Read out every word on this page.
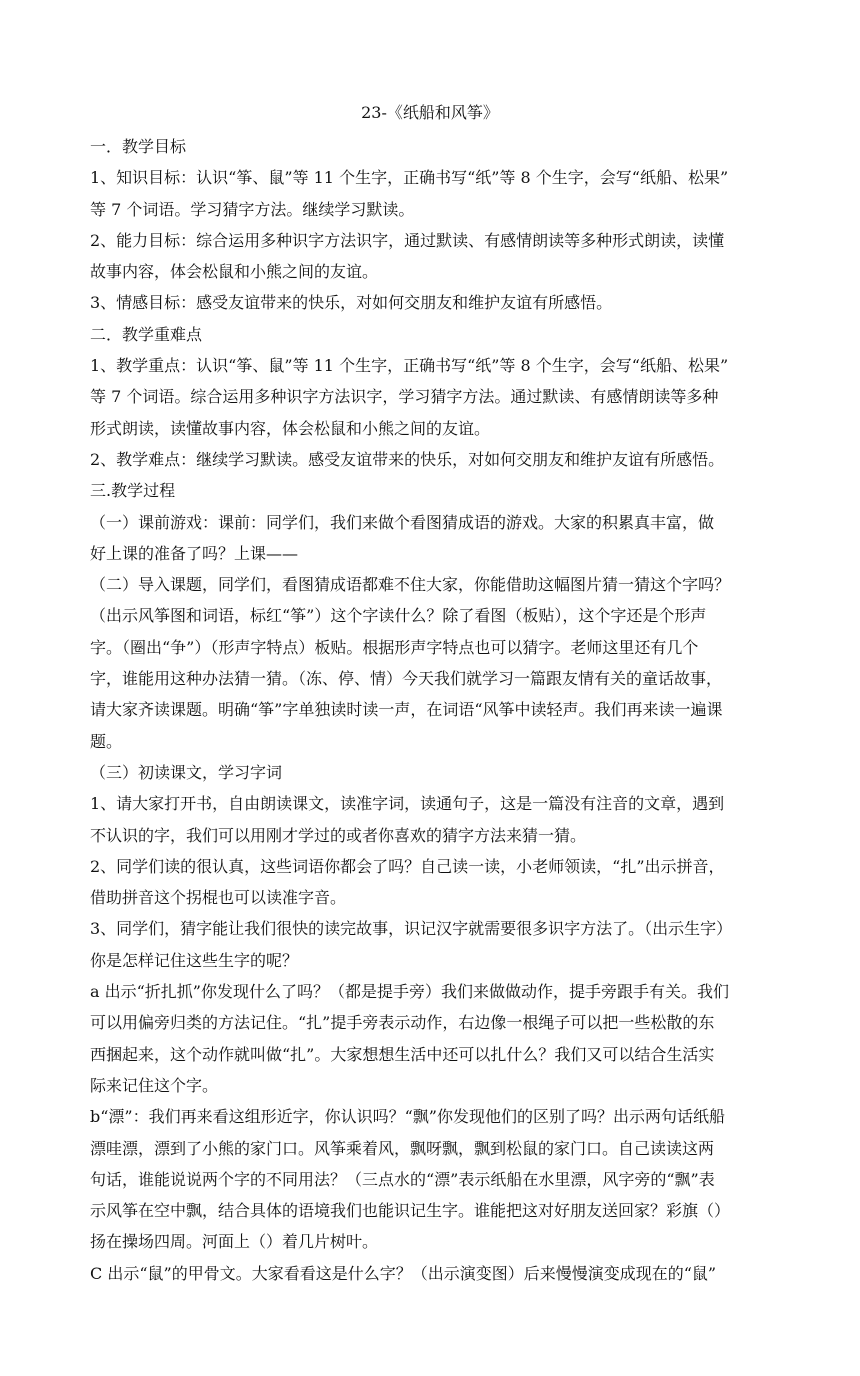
23-《纸船和风筝》

一．教学目标

1、知识目标：认识“筝、鼠”等 11 个生字，正确书写“纸”等 8 个生字，会写“纸船、松果”

等 7 个词语。学习猜字方法。继续学习默读。

2、能力目标：综合运用多种识字方法识字，通过默读、有感情朗读等多种形式朗读，读懂

故事内容，体会松鼠和小熊之间的友谊。

3、情感目标：感受友谊带来的快乐，对如何交朋友和维护友谊有所感悟。

二．教学重难点

1、教学重点：认识“筝、鼠”等 11 个生字，正确书写“纸”等 8 个生字，会写“纸船、松果”

等 7 个词语。综合运用多种识字方法识字，学习猜字方法。通过默读、有感情朗读等多种

形式朗读，读懂故事内容，体会松鼠和小熊之间的友谊。

2、教学难点：继续学习默读。感受友谊带来的快乐，对如何交朋友和维护友谊有所感悟。

三.教学过程

（一）课前游戏：课前：同学们，我们来做个看图猜成语的游戏。大家的积累真丰富，做

好上课的准备了吗？上课——

（二）导入课题，同学们，看图猜成语都难不住大家，你能借助这幅图片猜一猜这个字吗？

（出示风筝图和词语，标红“筝”）这个字读什么？除了看图（板贴），这个字还是个形声

字。（圈出“争”）（形声字特点）板贴。根据形声字特点也可以猜字。老师这里还有几个

字，谁能用这种办法猜一猜。（冻、停、情）今天我们就学习一篇跟友情有关的童话故事，

请大家齐读课题。明确“筝”字单独读时读一声，在词语“风筝中读轻声。我们再来读一遍课

题。

（三）初读课文，学习字词

1、请大家打开书，自由朗读课文，读准字词，读通句子，这是一篇没有注音的文章，遇到

不认识的字，我们可以用刚才学过的或者你喜欢的猜字方法来猜一猜。

2、同学们读的很认真，这些词语你都会了吗？自己读一读，小老师领读，“扎”出示拼音，

借助拼音这个拐棍也可以读准字音。

3、同学们，猜字能让我们很快的读完故事，识记汉字就需要很多识字方法了。（出示生字）

你是怎样记住这些生字的呢？

a 出示“折扎抓”你发现什么了吗？（都是提手旁）我们来做做动作，提手旁跟手有关。我们

可以用偏旁归类的方法记住。“扎”提手旁表示动作，右边像一根绳子可以把一些松散的东

西捆起来，这个动作就叫做“扎”。大家想想生活中还可以扎什么？我们又可以结合生活实

际来记住这个字。

b“漂”：我们再来看这组形近字，你认识吗？“飘”你发现他们的区别了吗？出示两句话纸船

漂哇漂，漂到了小熊的家门口。风筝乘着风，飘呀飘，飘到松鼠的家门口。自己读读这两

句话，谁能说说两个字的不同用法？（三点水的“漂”表示纸船在水里漂，风字旁的“飘”表

示风筝在空中飘，结合具体的语境我们也能识记生字。谁能把这对好朋友送回家？彩旗（）

扬在操场四周。河面上（）着几片树叶。

C 出示“鼠”的甲骨文。大家看看这是什么字？（出示演变图）后来慢慢演变成现在的“鼠”
